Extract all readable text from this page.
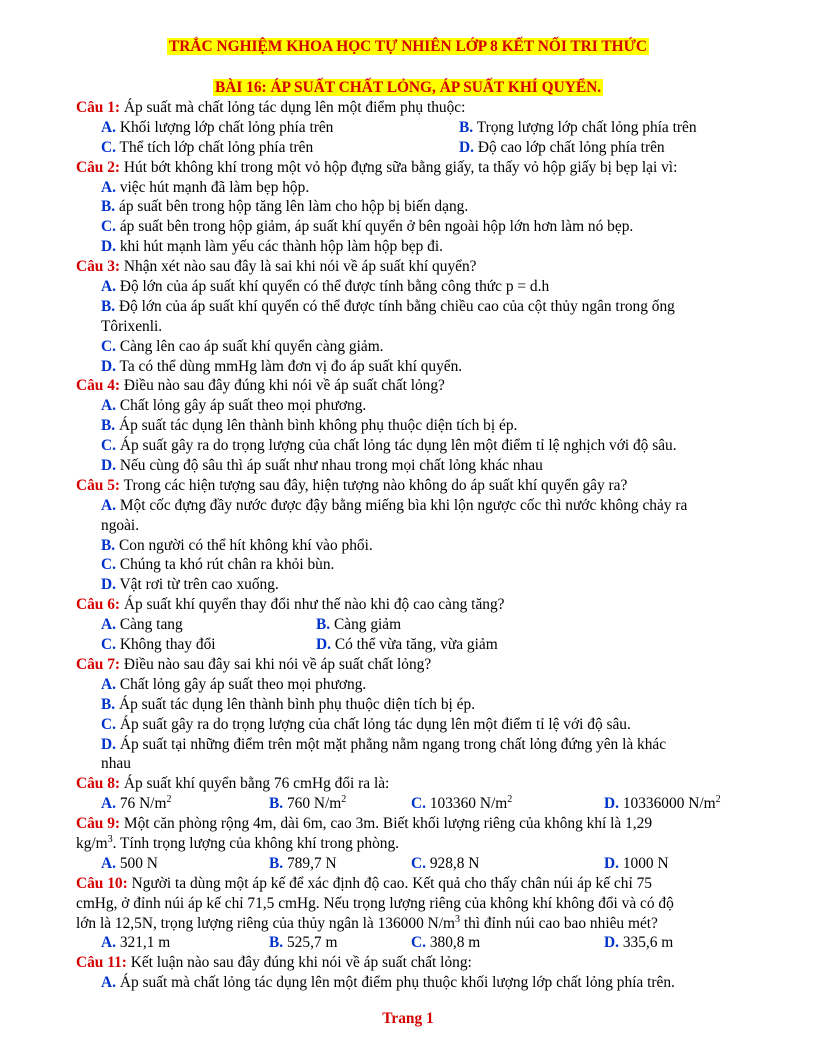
TRẮC NGHIỆM KHOA HỌC TỰ NHIÊN LỚP 8 KẾT NỐI TRI THỨC
BÀI 16: ÁP SUẤT CHẤT LỎNG, ÁP SUẤT KHÍ QUYỂN.
Câu 1: Áp suất mà chất lỏng tác dụng lên một điểm phụ thuộc:
A. Khối lượng lớp chất lỏng phía trên	B. Trọng lượng lớp chất lỏng phía trên
C. Thể tích lớp chất lỏng phía trên	D. Độ cao lớp chất lỏng phía trên
Câu 2: Hút bớt không khí trong một vỏ hộp đựng sữa bằng giấy, ta thấy vỏ hộp giấy bị bẹp lại vì:
A. việc hút mạnh đã làm bẹp hộp.
B. áp suất bên trong hộp tăng lên làm cho hộp bị biến dạng.
C. áp suất bên trong hộp giảm, áp suất khí quyển ở bên ngoài hộp lớn hơn làm nó bẹp.
D. khi hút mạnh làm yếu các thành hộp làm hộp bẹp đi.
Câu 3: Nhận xét nào sau đây là sai khi nói về áp suất khí quyển?
A. Độ lớn của áp suất khí quyển có thể được tính bằng công thức p = d.h
B. Độ lớn của áp suất khí quyển có thể được tính bằng chiều cao của cột thủy ngân trong ống
Tôrixenli.
C. Càng lên cao áp suất khí quyển càng giảm.
D. Ta có thể dùng mmHg làm đơn vị đo áp suất khí quyển.
Câu 4: Điều nào sau đây đúng khi nói về áp suất chất lỏng?
A. Chất lỏng gây áp suất theo mọi phương.
B. Áp suất tác dụng lên thành bình không phụ thuộc diện tích bị ép.
C. Áp suất gây ra do trọng lượng của chất lỏng tác dụng lên một điểm tỉ lệ nghịch với độ sâu.
D. Nếu cùng độ sâu thì áp suất như nhau trong mọi chất lỏng khác nhau
Câu 5: Trong các hiện tượng sau đây, hiện tượng nào không do áp suất khí quyển gây ra?
A. Một cốc đựng đầy nước được đậy bằng miếng bìa khi lộn ngược cốc thì nước không chảy ra
ngoài.
B. Con người có thể hít không khí vào phổi.
C. Chúng ta khó rút chân ra khỏi bùn.
D. Vật rơi từ trên cao xuống.
Câu 6: Áp suất khí quyển thay đổi như thế nào khi độ cao càng tăng?
A. Càng tang	B. Càng giảm
C. Không thay đổi	D. Có thể vừa tăng, vừa giảm
Câu 7: Điều nào sau đây sai khi nói về áp suất chất lỏng?
A. Chất lỏng gây áp suất theo mọi phương.
B. Áp suất tác dụng lên thành bình phụ thuộc diện tích bị ép.
C. Áp suất gây ra do trọng lượng của chất lỏng tác dụng lên một điểm tỉ lệ với độ sâu.
D. Áp suất tại những điểm trên một mặt phẳng nằm ngang trong chất lỏng đứng yên là khác
nhau
Câu 8: Áp suất khí quyển bằng 76 cmHg đổi ra là:
A. 76 $N/m^2$	B. 760 $N/m^2$	C. 103360 $N/m^2$	D. 10336000 $N/m^2$
Câu 9: Một căn phòng rộng 4m, dài 6m, cao 3m. Biết khối lượng riêng của không khí là 1,29
$kg/m^3$. Tính trọng lượng của không khí trong phòng.
A. 500 N	B. 789,7 N	C. 928,8 N	D. 1000 N
Câu 10: Người ta dùng một áp kế để xác định độ cao. Kết quả cho thấy chân núi áp kế chỉ 75
cmHg, ở đỉnh núi áp kế chỉ 71,5 cmHg. Nếu trọng lượng riêng của không khí không đổi và có độ
lớn là 12,5N, trọng lượng riêng của thủy ngân là 136000 $N/m^3$ thì đỉnh núi cao bao nhiêu mét?
A. 321,1 m	B. 525,7 m	C. 380,8 m	D. 335,6 m
Câu 11: Kết luận nào sau đây đúng khi nói về áp suất chất lỏng:
A. Áp suất mà chất lỏng tác dụng lên một điểm phụ thuộc khối lượng lớp chất lỏng phía trên.
Trang 1
